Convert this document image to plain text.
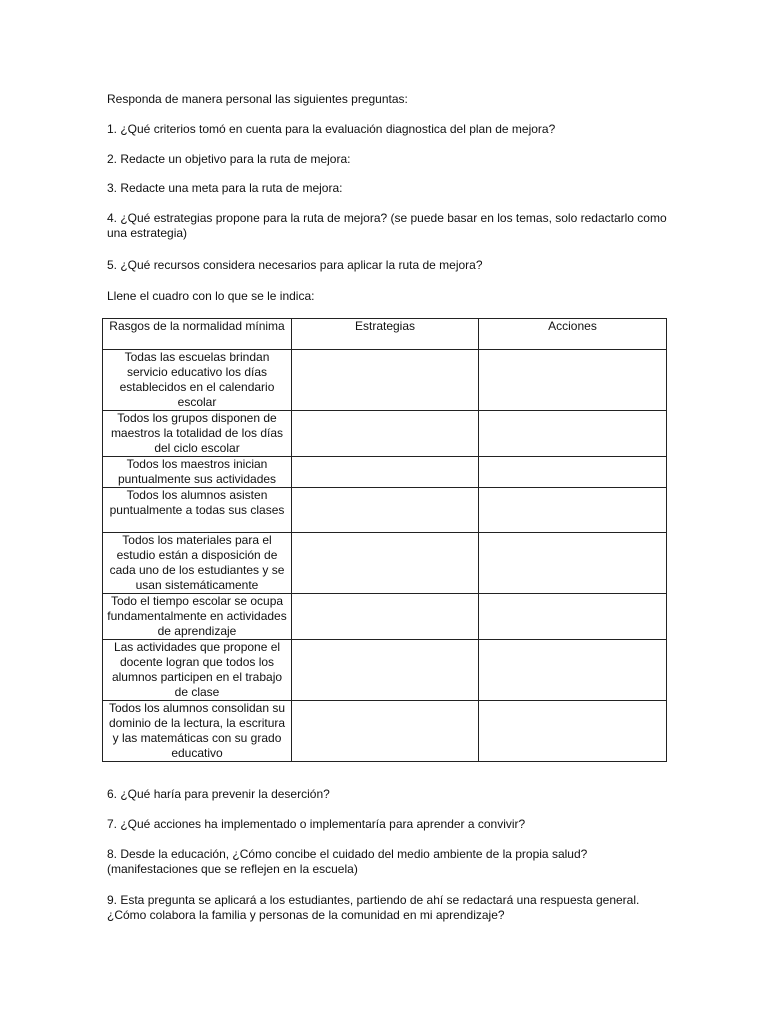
Responda de manera personal las siguientes preguntas:

1. ¿Qué criterios tomó en cuenta para la evaluación diagnostica del plan de mejora?

2. Redacte un objetivo para la ruta de mejora:

3. Redacte una meta para la ruta de mejora:

4. ¿Qué estrategias propone para la ruta de mejora? (se puede basar en los temas, solo redactarlo como una estrategia)

5. ¿Qué recursos considera necesarios para aplicar la ruta de mejora?

Llene el cuadro con lo que se le indica:

Rasgos de la normalidad mínima	Estrategias	Acciones
Todas las escuelas brindan servicio educativo los días establecidos en el calendario escolar		
Todos los grupos disponen de maestros la totalidad de los días del ciclo escolar		
Todos los maestros inician puntualmente sus actividades		
Todos los alumnos asisten puntualmente a todas sus clases		
Todos los materiales para el estudio están a disposición de cada uno de los estudiantes y se usan sistemáticamente		
Todo el tiempo escolar se ocupa fundamentalmente en actividades de aprendizaje		
Las actividades que propone el docente logran que todos los alumnos participen en el trabajo de clase		
Todos los alumnos consolidan su dominio de la lectura, la escritura y las matemáticas con su grado educativo		

6. ¿Qué haría para prevenir la deserción?

7. ¿Qué acciones ha implementado o implementaría para aprender a convivir?

8. Desde la educación, ¿Cómo concibe el cuidado del medio ambiente de la propia salud? (manifestaciones que se reflejen en la escuela)

9. Esta pregunta se aplicará a los estudiantes, partiendo de ahí se redactará una respuesta general. ¿Cómo colabora la familia y personas de la comunidad en mi aprendizaje?
